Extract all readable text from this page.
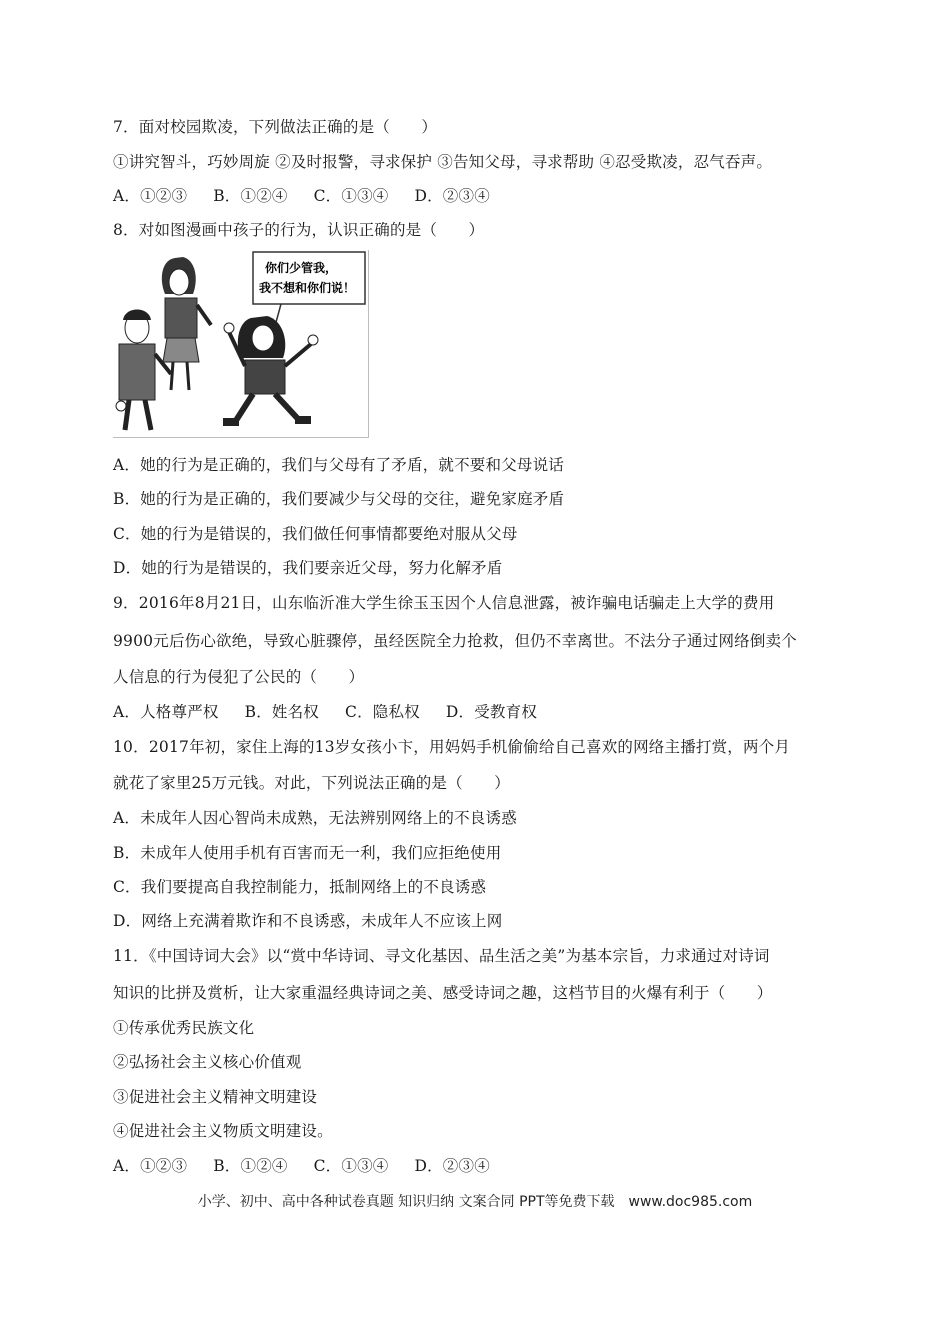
7．面对校园欺凌，下列做法正确的是（　　）
①讲究智斗，巧妙周旋 ②及时报警，寻求保护 ③告知父母，寻求帮助 ④忍受欺凌，忍气吞声。
A．①②③ B．①②④ C．①③④ D．②③④
8．对如图漫画中孩子的行为，认识正确的是（　　）
你们少管我，
我不想和你们说！
A．她的行为是正确的，我们与父母有了矛盾，就不要和父母说话
B．她的行为是正确的，我们要减少与父母的交往，避免家庭矛盾
C．她的行为是错误的，我们做任何事情都要绝对服从父母
D．她的行为是错误的，我们要亲近父母，努力化解矛盾
9．2016年8月21日，山东临沂准大学生徐玉玉因个人信息泄露，被诈骗电话骗走上大学的费用
9900元后伤心欲绝，导致心脏骤停，虽经医院全力抢救，但仍不幸离世。不法分子通过网络倒卖个
人信息的行为侵犯了公民的（　　）
A．人格尊严权 B．姓名权 C．隐私权 D．受教育权
10．2017年初，家住上海的13岁女孩小卞，用妈妈手机偷偷给自己喜欢的网络主播打赏，两个月
就花了家里25万元钱。对此，下列说法正确的是（　　）
A．未成年人因心智尚未成熟，无法辨别网络上的不良诱惑
B．未成年人使用手机有百害而无一利，我们应拒绝使用
C．我们要提高自我控制能力，抵制网络上的不良诱惑
D．网络上充满着欺诈和不良诱惑，未成年人不应该上网
11．《中国诗词大会》以“赏中华诗词、寻文化基因、品生活之美”为基本宗旨，力求通过对诗词
知识的比拼及赏析，让大家重温经典诗词之美、感受诗词之趣，这档节目的火爆有利于（　　）
①传承优秀民族文化
②弘扬社会主义核心价值观
③促进社会主义精神文明建设
④促进社会主义物质文明建设。
A．①②③ B．①②④ C．①③④ D．②③④
小学、初中、高中各种试卷真题 知识归纳 文案合同 PPT等免费下载　www.doc985.com
